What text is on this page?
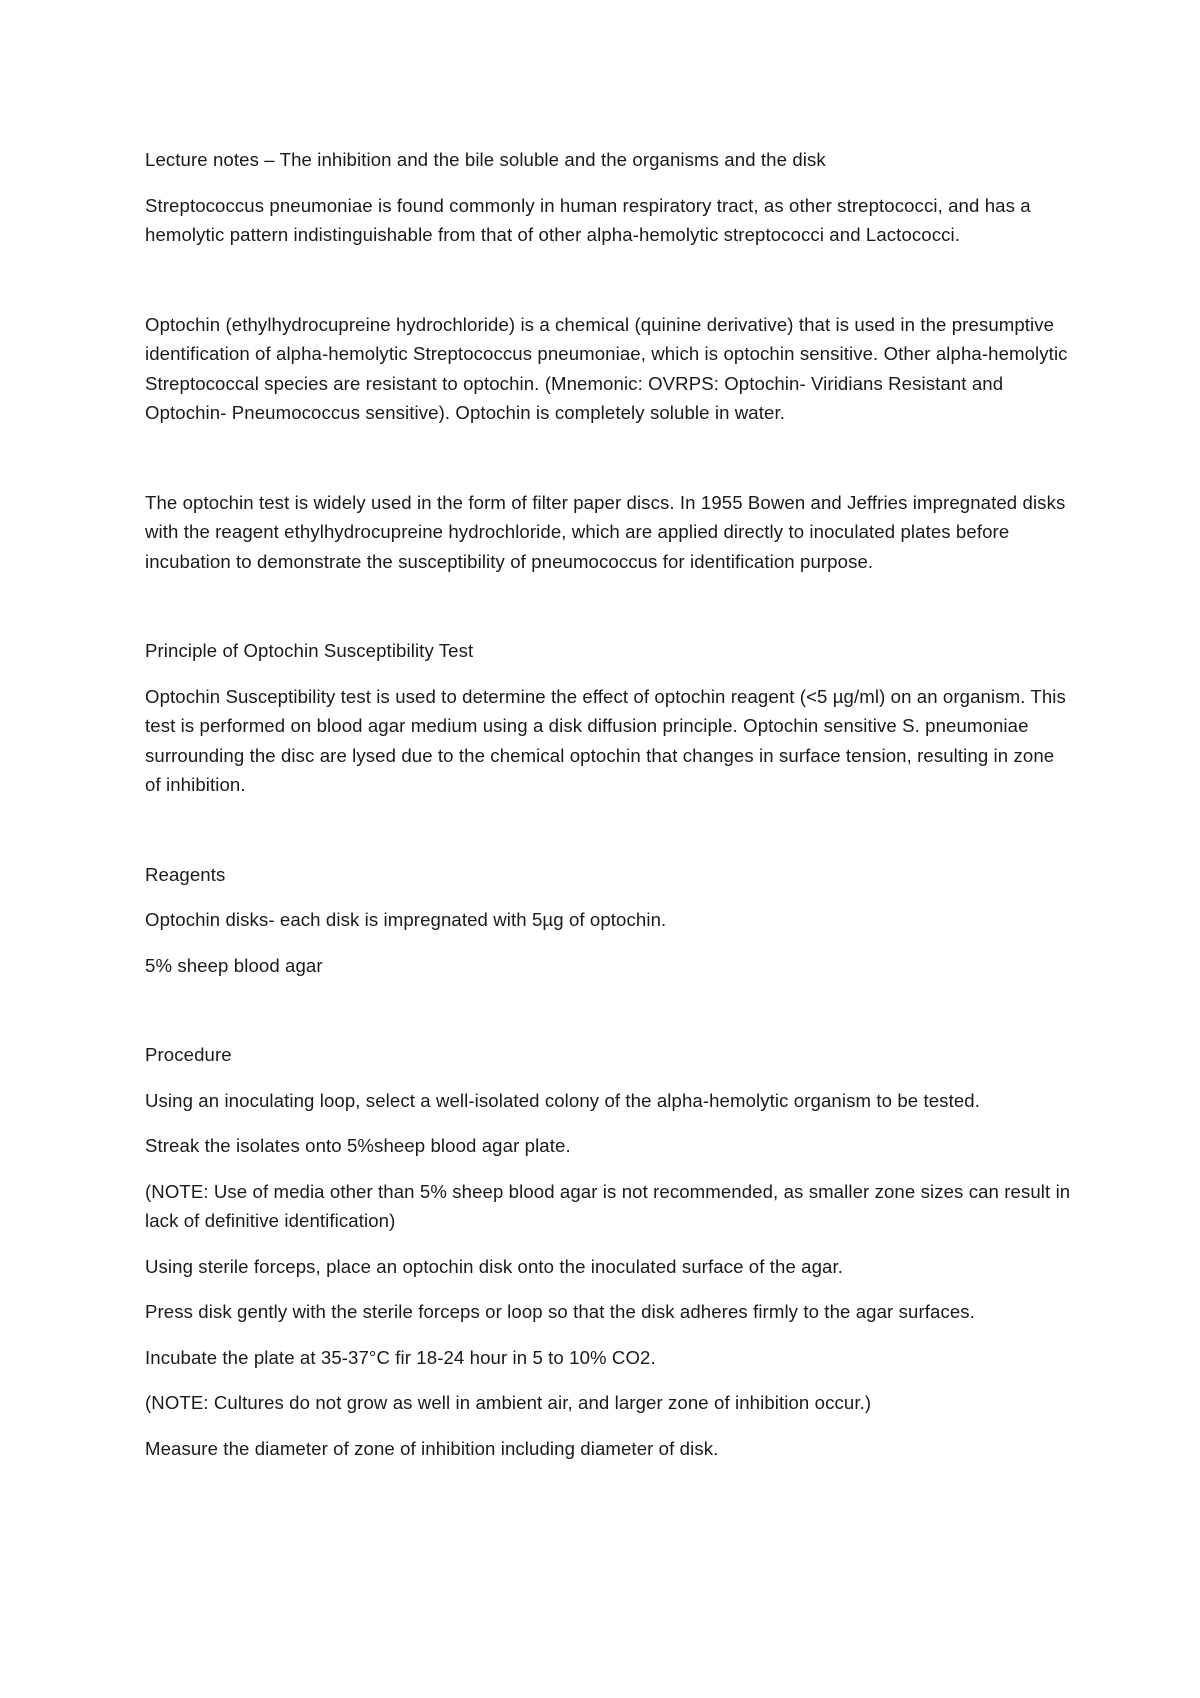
Lecture notes – The inhibition and the bile soluble and the organisms and the disk

Streptococcus pneumoniae is found commonly in human respiratory tract, as other streptococci, and has a hemolytic pattern indistinguishable from that of other alpha-hemolytic streptococci and Lactococci.

Optochin (ethylhydrocupreine hydrochloride) is a chemical (quinine derivative) that is used in the presumptive identification of alpha-hemolytic Streptococcus pneumoniae, which is optochin sensitive. Other alpha-hemolytic Streptococcal species are resistant to optochin. (Mnemonic: OVRPS: Optochin- Viridians Resistant and Optochin- Pneumococcus sensitive). Optochin is completely soluble in water.

The optochin test is widely used in the form of filter paper discs. In 1955 Bowen and Jeffries impregnated disks with the reagent ethylhydrocupreine hydrochloride, which are applied directly to inoculated plates before incubation to demonstrate the susceptibility of pneumococcus for identification purpose.

Principle of Optochin Susceptibility Test

Optochin Susceptibility test is used to determine the effect of optochin reagent (<5 µg/ml) on an organism. This test is performed on blood agar medium using a disk diffusion principle. Optochin sensitive S. pneumoniae surrounding the disc are lysed due to the chemical optochin that changes in surface tension, resulting in zone of inhibition.

Reagents

Optochin disks- each disk is impregnated with 5µg of optochin.

5% sheep blood agar

Procedure

Using an inoculating loop, select a well-isolated colony of the alpha-hemolytic organism to be tested.

Streak the isolates onto 5%sheep blood agar plate.

(NOTE: Use of media other than 5% sheep blood agar is not recommended, as smaller zone sizes can result in lack of definitive identification)

Using sterile forceps, place an optochin disk onto the inoculated surface of the agar.

Press disk gently with the sterile forceps or loop so that the disk adheres firmly to the agar surfaces.

Incubate the plate at 35-37°C fir 18-24 hour in 5 to 10% CO2.

(NOTE: Cultures do not grow as well in ambient air, and larger zone of inhibition occur.)

Measure the diameter of zone of inhibition including diameter of disk.
